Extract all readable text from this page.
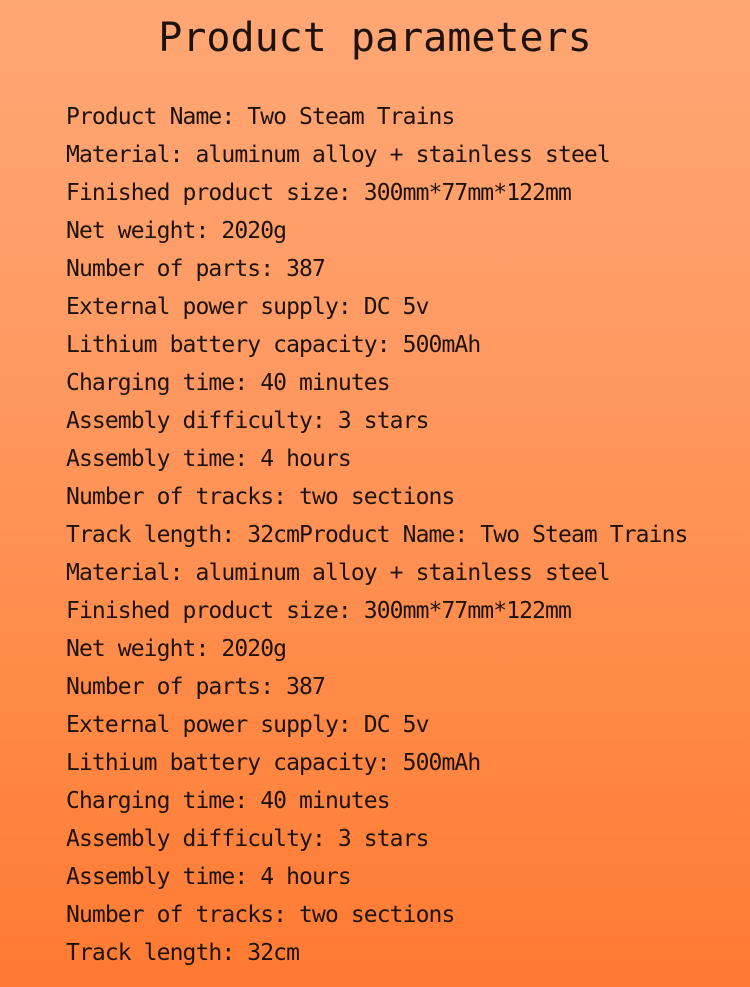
Product parameters
Product Name: Two Steam Trains
Material: aluminum alloy + stainless steel
Finished product size: 300mm*77mm*122mm
Net weight: 2020g
Number of parts: 387
External power supply: DC 5v
Lithium battery capacity: 500mAh
Charging time: 40 minutes
Assembly difficulty: 3 stars
Assembly time: 4 hours
Number of tracks: two sections
Track length: 32cmProduct Name: Two Steam Trains
Material: aluminum alloy + stainless steel
Finished product size: 300mm*77mm*122mm
Net weight: 2020g
Number of parts: 387
External power supply: DC 5v
Lithium battery capacity: 500mAh
Charging time: 40 minutes
Assembly difficulty: 3 stars
Assembly time: 4 hours
Number of tracks: two sections
Track length: 32cm
